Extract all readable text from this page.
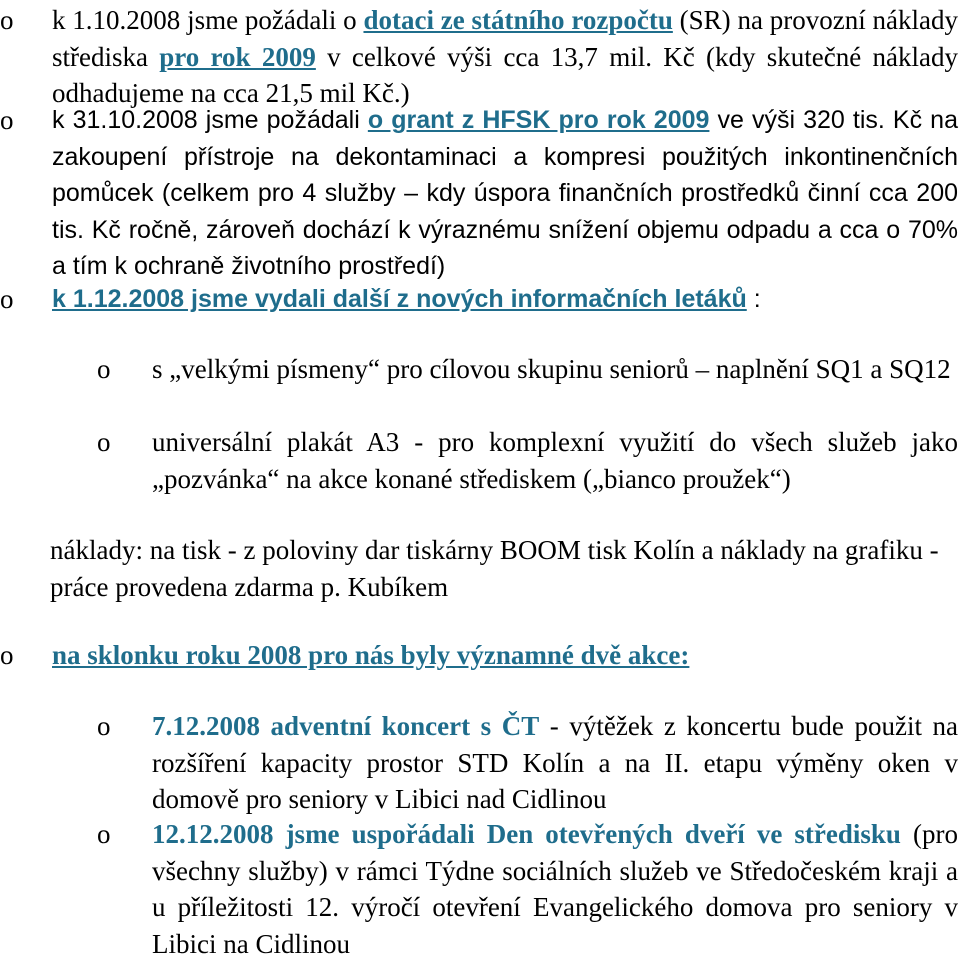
o k 1.10.2008 jsme požádali o dotaci ze státního rozpočtu (SR) na provozní náklady střediska pro rok 2009 v celkové výši cca 13,7 mil. Kč (kdy skutečné náklady odhadujeme na cca 21,5 mil Kč.)
o k 31.10.2008 jsme požádali o grant z HFSK pro rok 2009 ve výši 320 tis. Kč na zakoupení přístroje na dekontaminaci a kompresi použitých inkontinenčních pomůcek (celkem pro 4 služby – kdy úspora finančních prostředků činní cca 200 tis. Kč ročně, zároveň dochází k výraznému snížení objemu odpadu a cca o 70% a tím k ochraně životního prostředí)
o k 1.12.2008 jsme vydali další z nových informačních letáků :
o s „velkými písmeny“ pro cílovou skupinu seniorů – naplnění SQ1 a SQ12
o universální plakát A3 - pro komplexní využití do všech služeb jako „pozvánka“ na akce konané střediskem („bianco proužek“)
náklady: na tisk - z poloviny dar tiskárny BOOM tisk Kolín a náklady na grafiku - práce provedena zdarma p. Kubíkem
o na sklonku roku 2008 pro nás byly významné dvě akce:
o 7.12.2008 adventní koncert s ČT - výtěžek z koncertu bude použit na rozšíření kapacity prostor STD Kolín a na II. etapu výměny oken v domově pro seniory v Libici nad Cidlinou
o 12.12.2008 jsme uspořádali Den otevřených dveří ve středisku (pro všechny služby) v rámci Týdne sociálních služeb ve Středočeském kraji a u příležitosti 12. výročí otevření Evangelického domova pro seniory v Libici na Cidlinou
